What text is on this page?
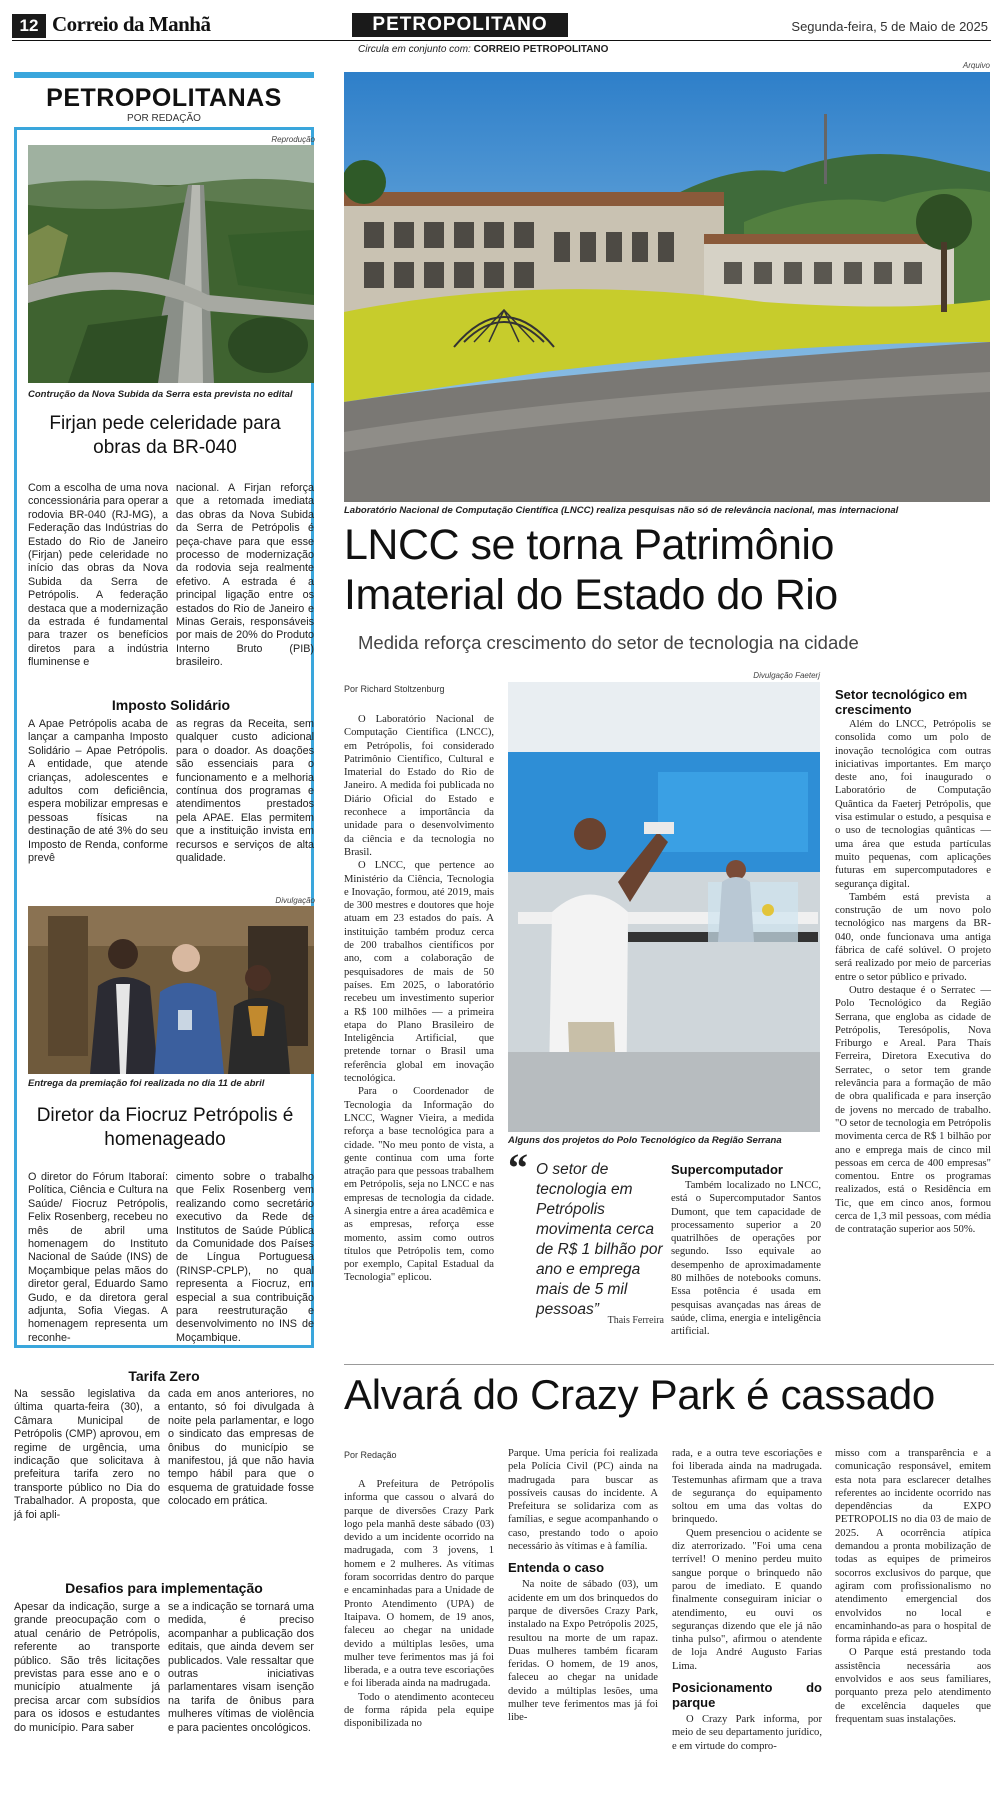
12 Correio da Manhã	PETROPOLITANO	Segunda-feira, 5 de Maio de 2025
Circula em conjunto com: CORREIO PETROPOLITANO
PETROPOLITANAS
POR REDAÇÃO
Reprodução
Contrução da Nova Subida da Serra esta prevista no edital
Firjan pede celeridade para obras da BR-040
Com a escolha de uma nova concessionária para operar a rodovia BR-040 (RJ-MG), a Federação das Indústrias do Estado do Rio de Janeiro (Firjan) pede celeridade no início das obras da Nova Subida da Serra de Petrópolis. A federação destaca que a modernização da estrada é fundamental para trazer os benefícios diretos para a indústria fluminense e
nacional. A Firjan reforça que a retomada imediata das obras da Nova Subida da Serra de Petrópolis é peça-chave para que esse processo de modernização da rodovia seja realmente efetivo. A estrada é a principal ligação entre os estados do Rio de Janeiro e Minas Gerais, responsáveis por mais de 20% do Produto Interno Bruto (PIB) brasileiro.
Imposto Solidário
A Apae Petrópolis acaba de lançar a campanha Imposto Solidário – Apae Petrópolis. A entidade, que atende crianças, adolescentes e adultos com deficiência, espera mobilizar empresas e pessoas físicas na destinação de até 3% do seu Imposto de Renda, conforme prevê
as regras da Receita, sem qualquer custo adicional para o doador. As doações são essenciais para o funcionamento e a melhoria contínua dos programas e atendimentos prestados pela APAE. Elas permitem que a instituição invista em recursos e serviços de alta qualidade.
Divulgação
Entrega da premiação foi realizada no dia 11 de abril
Diretor da Fiocruz Petrópolis é homenageado
O diretor do Fórum Itaboraí: Política, Ciência e Cultura na Saúde/ Fiocruz Petrópolis, Felix Rosenberg, recebeu no mês de abril uma homenagem do Instituto Nacional de Saúde (INS) de Moçambique pelas mãos do diretor geral, Eduardo Samo Gudo, e da diretora geral adjunta, Sofia Viegas. A homenagem representa um reconhe-
cimento sobre o trabalho que Felix Rosenberg vem realizando como secretário executivo da Rede de Institutos de Saúde Pública da Comunidade dos Países de Língua Portuguesa (RINSP-CPLP), no qual representa a Fiocruz, em especial a sua contribuição para reestruturação e desenvolvimento no INS de Moçambique.
Tarifa Zero
Na sessão legislativa da última quarta-feira (30), a Câmara Municipal de Petrópolis (CMP) aprovou, em regime de urgência, uma indicação que solicitava à prefeitura tarifa zero no transporte público no Dia do Trabalhador. A proposta, que já foi apli-
cada em anos anteriores, no entanto, só foi divulgada à noite pela parlamentar, e logo o sindicato das empresas de ônibus do município se manifestou, já que não havia tempo hábil para que o esquema de gratuidade fosse colocado em prática.
Desafios para implementação
Apesar da indicação, surge a grande preocupação com o atual cenário de Petrópolis, referente ao transporte público. São três licitações previstas para esse ano e o município atualmente já precisa arcar com subsídios para os idosos e estudantes do município. Para saber
se a indicação se tornará uma medida, é preciso acompanhar a publicação dos editais, que ainda devem ser publicados. Vale ressaltar que outras iniciativas parlamentares visam isenção na tarifa de ônibus para mulheres vítimas de violência e para pacientes oncológicos.
Arquivo
Laboratório Nacional de Computação Científica (LNCC) realiza pesquisas não só de relevância nacional, mas internacional
LNCC se torna Patrimônio Imaterial do Estado do Rio
Medida reforça crescimento do setor de tecnologia na cidade
Por Richard Stoltzenburg

O Laboratório Nacional de Computação Científica (LNCC), em Petrópolis, foi considerado Patrimônio Científico, Cultural e Imaterial do Estado do Rio de Janeiro. A medida foi publicada no Diário Oficial do Estado e reconhece a importância da unidade para o desenvolvimento da ciência e da tecnologia no Brasil.

O LNCC, que pertence ao Ministério da Ciência, Tecnologia e Inovação, formou, até 2019, mais de 300 mestres e doutores que hoje atuam em 23 estados do país. A instituição também produz cerca de 200 trabalhos científicos por ano, com a colaboração de pesquisadores de mais de 50 países. Em 2025, o laboratório recebeu um investimento superior a R$ 100 milhões — a primeira etapa do Plano Brasileiro de Inteligência Artificial, que pretende tornar o Brasil uma referência global em inovação tecnológica.

Para o Coordenador de Tecnologia da Informação do LNCC, Wagner Vieira, a medida reforça a base tecnológica para a cidade. "No meu ponto de vista, a gente continua com uma forte atração para que pessoas trabalhem em Petrópolis, seja no LNCC e nas empresas de tecnologia da cidade. A sinergia entre a área acadêmica e as empresas, reforça esse momento, assim como outros títulos que Petrópolis tem, como por exemplo, Capital Estadual da Tecnologia" eplicou.

Divulgação Faeterj
Alguns dos projetos do Polo Tecnológico da Região Serrana
“ O setor de tecnologia em Petrópolis movimenta cerca de R$ 1 bilhão por ano e emprega mais de 5 mil pessoas”
Thais Ferreira
Supercomputador

Também localizado no LNCC, está o Supercomputador Santos Dumont, que tem capacidade de processamento superior a 20 quatrilhões de operações por segundo. Isso equivale ao desempenho de aproximadamente 80 milhões de notebooks comuns. Essa potência é usada em pesquisas avançadas nas áreas de saúde, clima, energia e inteligência artificial.

Setor tecnológico em crescimento

Além do LNCC, Petrópolis se consolida como um polo de inovação tecnológica com outras iniciativas importantes. Em março deste ano, foi inaugurado o Laboratório de Computação Quântica da Faeterj Petrópolis, que visa estimular o estudo, a pesquisa e o uso de tecnologias quânticas — uma área que estuda partículas muito pequenas, com aplicações futuras em supercomputadores e segurança digital.

Também está prevista a construção de um novo polo tecnológico nas margens da BR-040, onde funcionava uma antiga fábrica de café solúvel. O projeto será realizado por meio de parcerias entre o setor público e privado.

Outro destaque é o Serratec — Polo Tecnológico da Região Serrana, que engloba as cidade de Petrópolis, Teresópolis, Nova Friburgo e Areal. Para Thaís Ferreira, Diretora Executiva do Serratec, o setor tem grande relevância para a formação de mão de obra qualificada e para inserção de jovens no mercado de trabalho. "O setor de tecnologia em Petrópolis movimenta cerca de R$ 1 bilhão por ano e emprega mais de cinco mil pessoas em cerca de 400 empresas" comentou. Entre os programas realizados, está o Residência em Tic, que em cinco anos, formou cerca de 1,3 mil pessoas, com média de contratação superior aos 50%.

Alvará do Crazy Park é cassado
Por Redação

A Prefeitura de Petrópolis informa que cassou o alvará do parque de diversões Crazy Park logo pela manhã deste sábado (03) devido a um incidente ocorrido na madrugada, com 3 jovens, 1 homem e 2 mulheres. As vítimas foram socorridas dentro do parque e encaminhadas para a Unidade de Pronto Atendimento (UPA) de Itaipava. O homem, de 19 anos, faleceu ao chegar na unidade devido a múltiplas lesões, uma mulher teve ferimentos mas já foi liberada, e a outra teve escoriações e foi liberada ainda na madrugada.

Todo o atendimento aconteceu de forma rápida pela equipe disponibilizada no

Parque. Uma perícia foi realizada pela Polícia Civil (PC) ainda na madrugada para buscar as possíveis causas do incidente. A Prefeitura se solidariza com as famílias, e segue acompanhando o caso, prestando todo o apoio necessário às vítimas e à família.

Entenda o caso

Na noite de sábado (03), um acidente em um dos brinquedos do parque de diversões Crazy Park, instalado na Expo Petrópolis 2025, resultou na morte de um rapaz. Duas mulheres também ficaram feridas. O homem, de 19 anos, faleceu ao chegar na unidade devido a múltiplas lesões, uma mulher teve ferimentos mas já foi libe-

rada, e a outra teve escoriações e foi liberada ainda na madrugada. Testemunhas afirmam que a trava de segurança do equipamento soltou em uma das voltas do brinquedo.

Quem presenciou o acidente se diz aterrorizado. "Foi uma cena terrível! O menino perdeu muito sangue porque o brinquedo não parou de imediato. E quando finalmente conseguiram iniciar o atendimento, eu ouvi os seguranças dizendo que ele já não tinha pulso", afirmou o atendente de loja André Augusto Farias Lima.

Posicionamento do parque

O Crazy Park informa, por meio de seu departamento jurídico, e em virtude do compro-

misso com a transparência e a comunicação responsável, emitem esta nota para esclarecer detalhes referentes ao incidente ocorrido nas dependências da EXPO PETROPOLIS no dia 03 de maio de 2025. A ocorrência atípica demandou a pronta mobilização de todas as equipes de primeiros socorros exclusivos do parque, que agiram com profissionalismo no atendimento emergencial dos envolvidos no local e encaminhando-as para o hospital de forma rápida e eficaz.

O Parque está prestando toda assistência necessária aos envolvidos e aos seus familiares, porquanto preza pelo atendimento de excelência daqueles que frequentam suas instalações.
